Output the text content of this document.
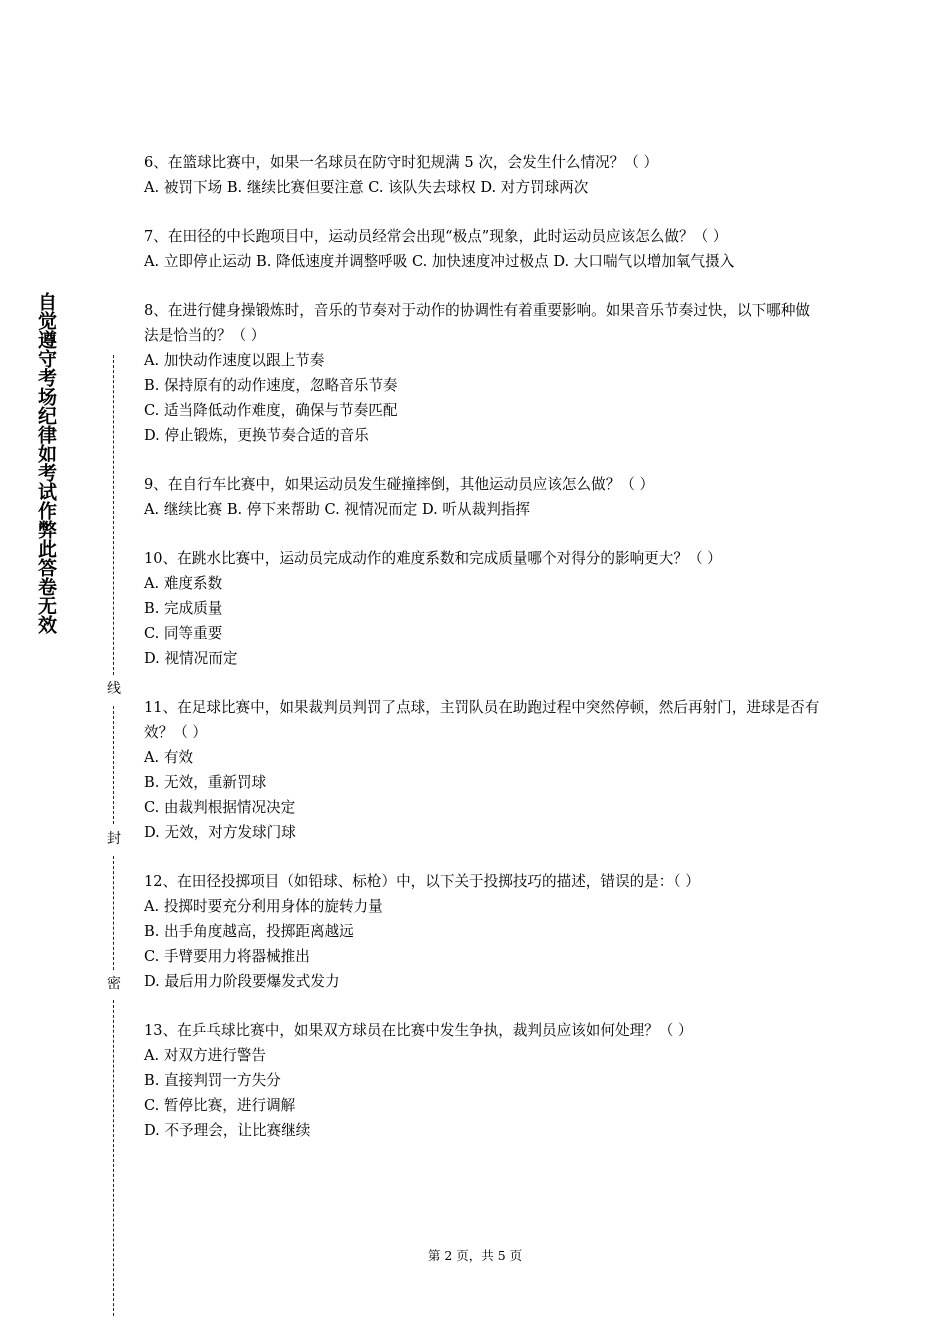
自觉遵守考场纪律如考试作弊此答卷无效
线
封
密

6、在篮球比赛中，如果一名球员在防守时犯规满 5 次，会发生什么情况？（ ）

A. 被罚下场 B. 继续比赛但要注意 C. 该队失去球权 D. 对方罚球两次

7、在田径的中长跑项目中，运动员经常会出现“极点”现象，此时运动员应该怎么做？（ ）

A. 立即停止运动 B. 降低速度并调整呼吸 C. 加快速度冲过极点 D. 大口喘气以增加氧气摄入

8、在进行健身操锻炼时，音乐的节奏对于动作的协调性有着重要影响。如果音乐节奏过快，以下哪种做法是恰当的？（ ）

A. 加快动作速度以跟上节奏

B. 保持原有的动作速度，忽略音乐节奏

C. 适当降低动作难度，确保与节奏匹配

D. 停止锻炼，更换节奏合适的音乐

9、在自行车比赛中，如果运动员发生碰撞摔倒，其他运动员应该怎么做？（ ）

A. 继续比赛 B. 停下来帮助 C. 视情况而定 D. 听从裁判指挥

10、在跳水比赛中，运动员完成动作的难度系数和完成质量哪个对得分的影响更大？（ ）

A. 难度系数

B. 完成质量

C. 同等重要

D. 视情况而定

11、在足球比赛中，如果裁判员判罚了点球，主罚队员在助跑过程中突然停顿，然后再射门，进球是否有效？（ ）

A. 有效

B. 无效，重新罚球

C. 由裁判根据情况决定

D. 无效，对方发球门球

12、在田径投掷项目（如铅球、标枪）中，以下关于投掷技巧的描述，错误的是：（ ）

A. 投掷时要充分利用身体的旋转力量

B. 出手角度越高，投掷距离越远

C. 手臂要用力将器械推出

D. 最后用力阶段要爆发式发力

13、在乒乓球比赛中，如果双方球员在比赛中发生争执，裁判员应该如何处理？（ ）

A. 对双方进行警告

B. 直接判罚一方失分

C. 暂停比赛，进行调解

D. 不予理会，让比赛继续

第 2 页，共 5 页
